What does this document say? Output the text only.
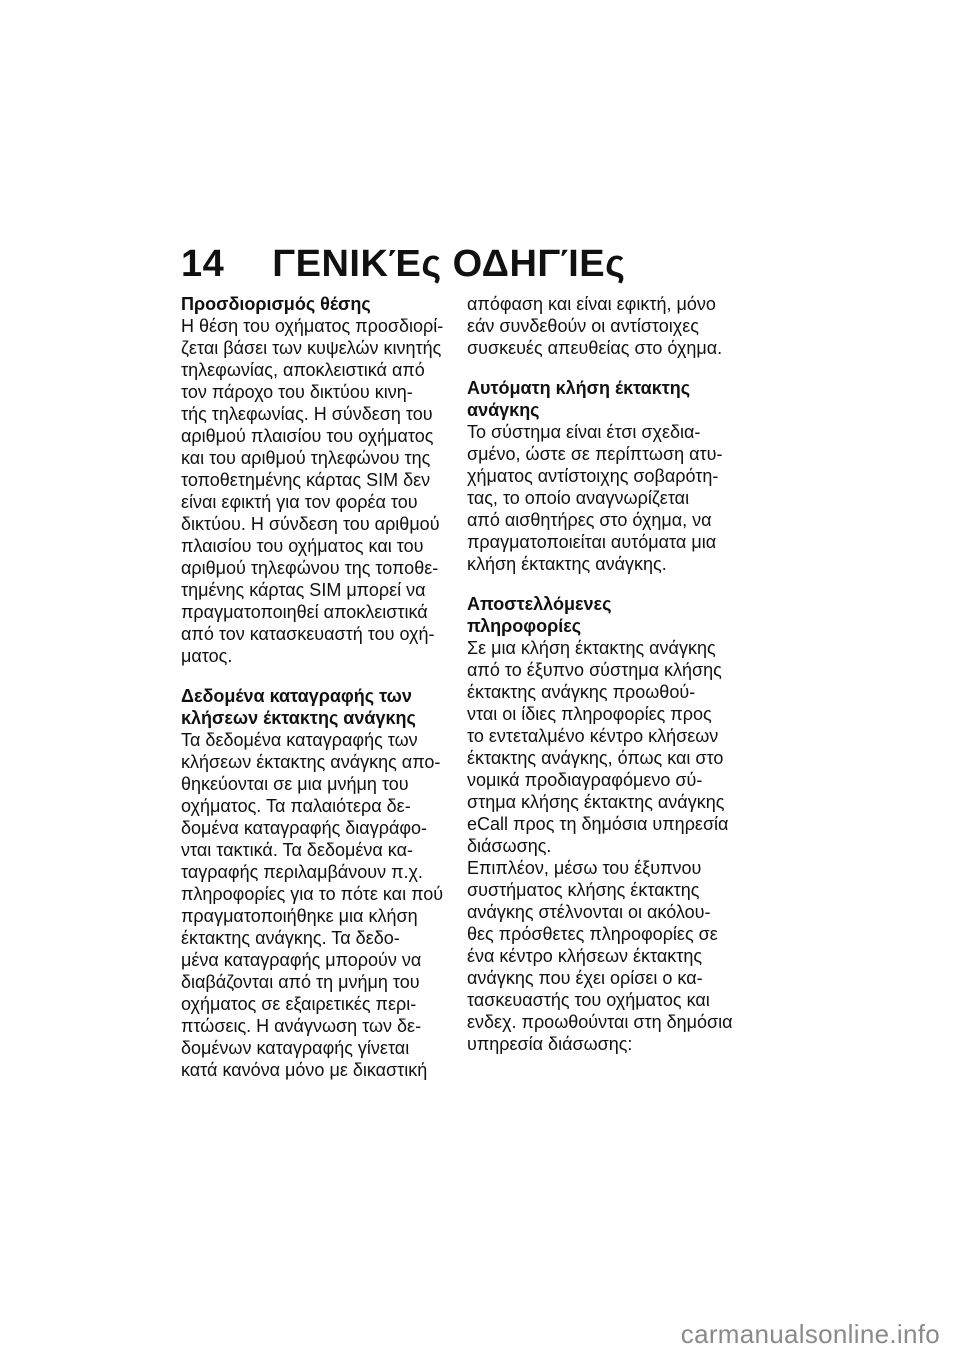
14 ΓΕΝΙΚΈς ΟΔΗΓΊΕς
Προσδιορισμός θέσης

Η θέση του οχήματος προσδιορί-
ζεται βάσει των κυψελών κινητής
τηλεφωνίας, αποκλειστικά από
τον πάροχο του δικτύου κινη-
τής τηλεφωνίας. Η σύνδεση του
αριθμού πλαισίου του οχήματος
και του αριθμού τηλεφώνου της
τοποθετημένης κάρτας SIM δεν
είναι εφικτή για τον φορέα του
δικτύου. Η σύνδεση του αριθμού
πλαισίου του οχήματος και του
αριθμού τηλεφώνου της τοποθε-
τημένης κάρτας SIM μπορεί να
πραγματοποιηθεί αποκλειστικά
από τον κατασκευαστή του οχή-
ματος.

Δεδομένα καταγραφής των
κλήσεων έκτακτης ανάγκης

Τα δεδομένα καταγραφής των
κλήσεων έκτακτης ανάγκης απο-
θηκεύονται σε μια μνήμη του
οχήματος. Τα παλαιότερα δε-
δομένα καταγραφής διαγράφο-
νται τακτικά. Τα δεδομένα κα-
ταγραφής περιλαμβάνουν π.χ.
πληροφορίες για το πότε και πού
πραγματοποιήθηκε μια κλήση
έκτακτης ανάγκης. Τα δεδο-
μένα καταγραφής μπορούν να
διαβάζονται από τη μνήμη του
οχήματος σε εξαιρετικές περι-
πτώσεις. Η ανάγνωση των δε-
δομένων καταγραφής γίνεται
κατά κανόνα μόνο με δικαστική

απόφαση και είναι εφικτή, μόνο
εάν συνδεθούν οι αντίστοιχες
συσκευές απευθείας στο όχημα.

Αυτόματη κλήση έκτακτης
ανάγκης

Το σύστημα είναι έτσι σχεδια-
σμένο, ώστε σε περίπτωση ατυ-
χήματος αντίστοιχης σοβαρότη-
τας, το οποίο αναγνωρίζεται
από αισθητήρες στο όχημα, να
πραγματοποιείται αυτόματα μια
κλήση έκτακτης ανάγκης.

Αποστελλόμενες
πληροφορίες

Σε μια κλήση έκτακτης ανάγκης
από το έξυπνο σύστημα κλήσης
έκτακτης ανάγκης προωθού-
νται οι ίδιες πληροφορίες προς
το εντεταλμένο κέντρο κλήσεων
έκτακτης ανάγκης, όπως και στο
νομικά προδιαγραφόμενο σύ-
στημα κλήσης έκτακτης ανάγκης
eCall προς τη δημόσια υπηρεσία
διάσωσης.
Επιπλέον, μέσω του έξυπνου
συστήματος κλήσης έκτακτης
ανάγκης στέλνονται οι ακόλου-
θες πρόσθετες πληροφορίες σε
ένα κέντρο κλήσεων έκτακτης
ανάγκης που έχει ορίσει ο κα-
τασκευαστής του οχήματος και
ενδεχ. προωθούνται στη δημόσια
υπηρεσία διάσωσης:

carmanualsonline.info
